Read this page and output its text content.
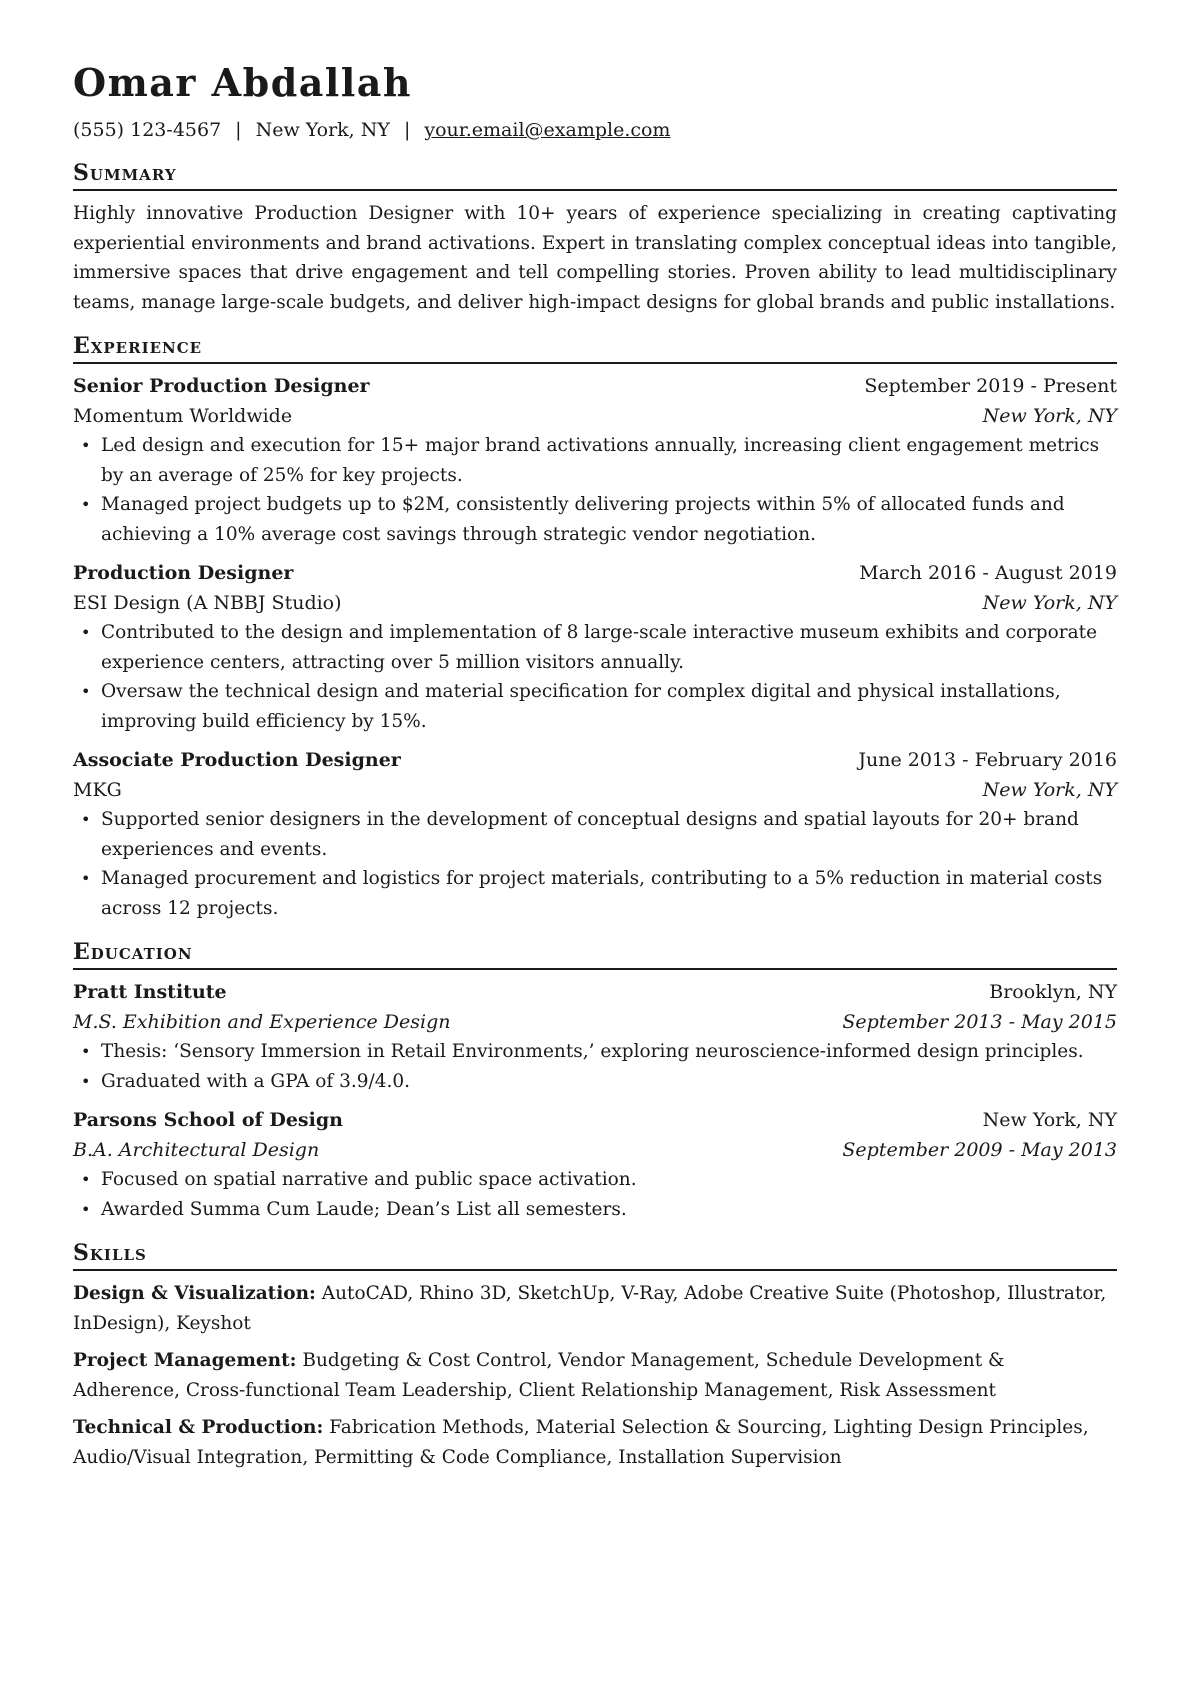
Omar Abdallah
(555) 123-4567 | New York, NY | your.email@example.com
Summary
Highly innovative Production Designer with 10+ years of experience specializing in creating captivating experiential environments and brand activations. Expert in translating complex conceptual ideas into tangible, immersive spaces that drive engagement and tell compelling stories. Proven ability to lead multidisciplinary teams, manage large-scale budgets, and deliver high-impact designs for global brands and public installations.
Experience
Senior Production Designer	September 2019 - Present
Momentum Worldwide	New York, NY
• Led design and execution for 15+ major brand activations annually, increasing client engagement metrics by an average of 25% for key projects.
• Managed project budgets up to $2M, consistently delivering projects within 5% of allocated funds and achieving a 10% average cost savings through strategic vendor negotiation.
Production Designer	March 2016 - August 2019
ESI Design (A NBBJ Studio)	New York, NY
• Contributed to the design and implementation of 8 large-scale interactive museum exhibits and corporate experience centers, attracting over 5 million visitors annually.
• Oversaw the technical design and material specification for complex digital and physical installations, improving build efficiency by 15%.
Associate Production Designer	June 2013 - February 2016
MKG	New York, NY
• Supported senior designers in the development of conceptual designs and spatial layouts for 20+ brand experiences and events.
• Managed procurement and logistics for project materials, contributing to a 5% reduction in material costs across 12 projects.
Education
Pratt Institute	Brooklyn, NY
M.S. Exhibition and Experience Design	September 2013 - May 2015
• Thesis: ‘Sensory Immersion in Retail Environments,’ exploring neuroscience-informed design principles.
• Graduated with a GPA of 3.9/4.0.
Parsons School of Design	New York, NY
B.A. Architectural Design	September 2009 - May 2013
• Focused on spatial narrative and public space activation.
• Awarded Summa Cum Laude; Dean’s List all semesters.
Skills
Design & Visualization: AutoCAD, Rhino 3D, SketchUp, V-Ray, Adobe Creative Suite (Photoshop, Illustrator, InDesign), Keyshot
Project Management: Budgeting & Cost Control, Vendor Management, Schedule Development & Adherence, Cross-functional Team Leadership, Client Relationship Management, Risk Assessment
Technical & Production: Fabrication Methods, Material Selection & Sourcing, Lighting Design Principles, Audio/Visual Integration, Permitting & Code Compliance, Installation Supervision
